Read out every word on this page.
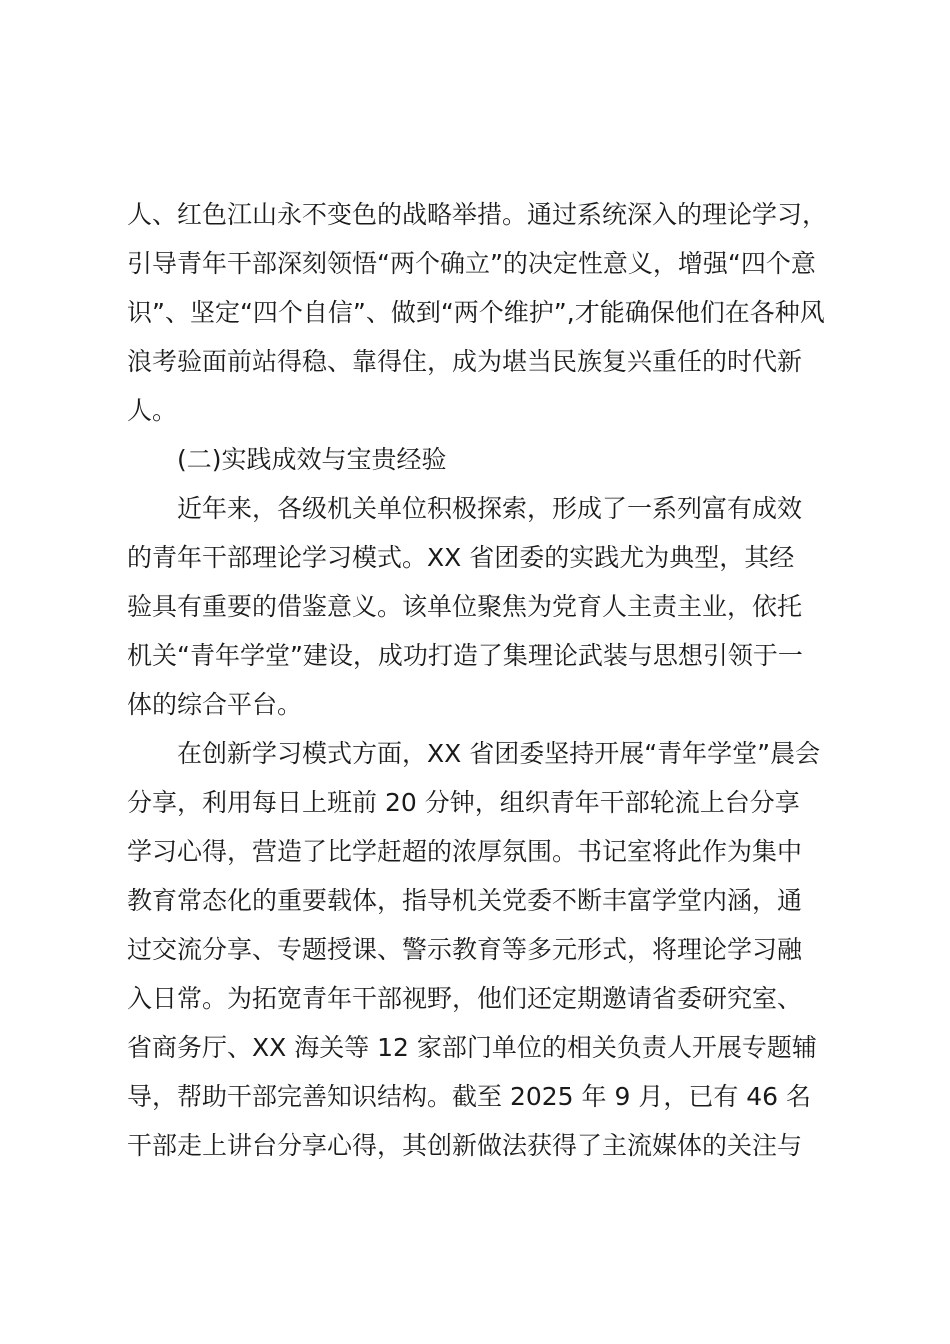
人、红色江山永不变色的战略举措。通过系统深入的理论学习，
引导青年干部深刻领悟“两个确立”的决定性意义，增强“四个意
识”、坚定“四个自信”、做到“两个维护”,才能确保他们在各种风
浪考验面前站得稳、靠得住，成为堪当民族复兴重任的时代新
人。
(二)实践成效与宝贵经验
近年来，各级机关单位积极探索，形成了一系列富有成效
的青年干部理论学习模式。XX 省团委的实践尤为典型，其经
验具有重要的借鉴意义。该单位聚焦为党育人主责主业，依托
机关“青年学堂”建设，成功打造了集理论武装与思想引领于一
体的综合平台。
在创新学习模式方面，XX 省团委坚持开展“青年学堂”晨会
分享，利用每日上班前 20 分钟，组织青年干部轮流上台分享
学习心得，营造了比学赶超的浓厚氛围。书记室将此作为集中
教育常态化的重要载体，指导机关党委不断丰富学堂内涵，通
过交流分享、专题授课、警示教育等多元形式，将理论学习融
入日常。为拓宽青年干部视野，他们还定期邀请省委研究室、
省商务厅、XX 海关等 12 家部门单位的相关负责人开展专题辅
导，帮助干部完善知识结构。截至 2025 年 9 月，已有 46 名
干部走上讲台分享心得，其创新做法获得了主流媒体的关注与
